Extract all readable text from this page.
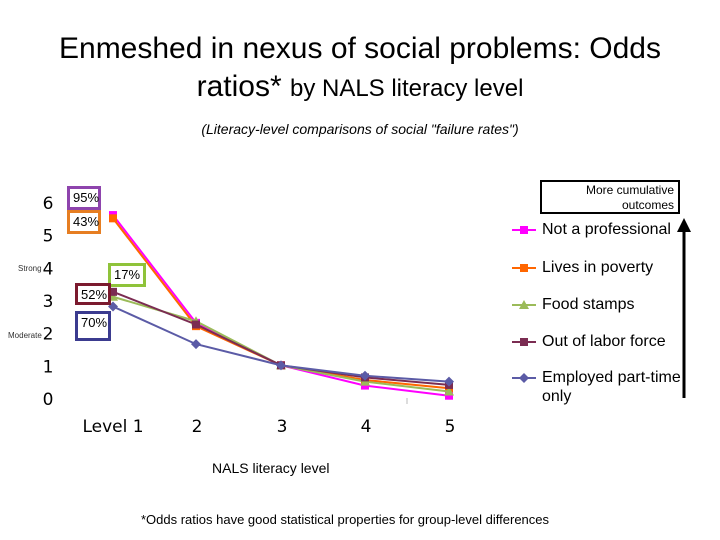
Enmeshed in nexus of social problems: Odds ratios* by NALS literacy level
(Literacy-level comparisons of social "failure rates")
0
1
2
3
4
5
6
Level 1	2	3	4	5
Strong
Moderate
95%
43%
17%
52%
70%
More cumulative outcomes
Not a professional
Lives in poverty
Food stamps
Out of labor force
Employed part-time only
NALS literacy level
*Odds ratios have good statistical properties for group-level differences
